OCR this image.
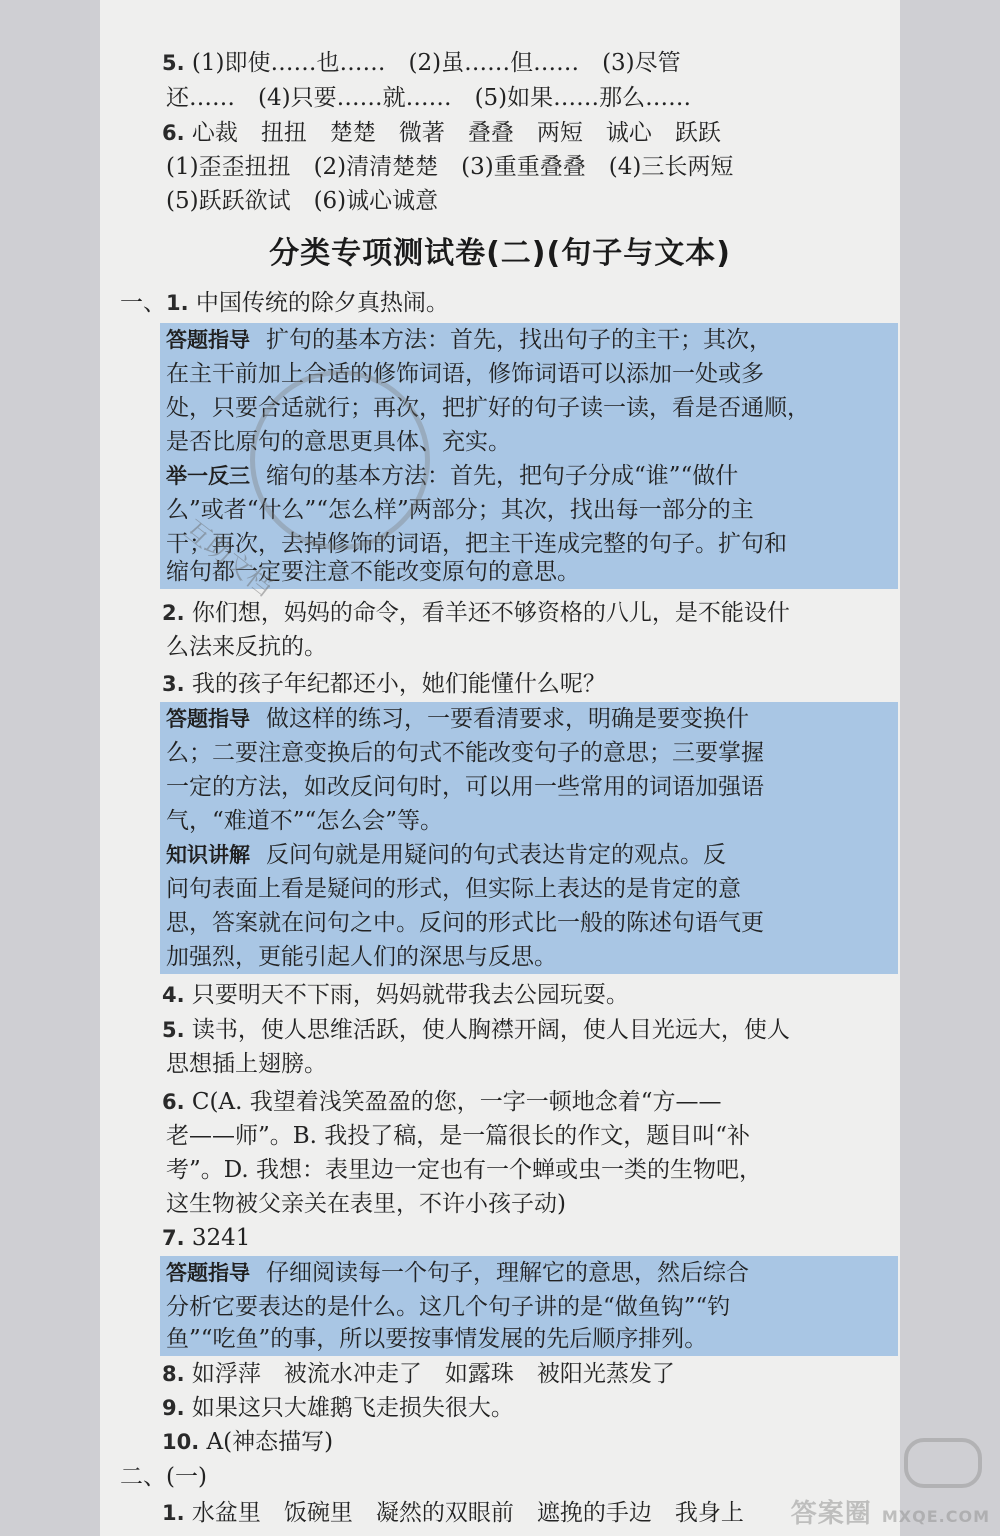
5. (1)即使……也……　(2)虽……但……　(3)尽管
还……　(4)只要……就……　(5)如果……那么……
6. 心裁　扭扭　楚楚　微著　叠叠　两短　诚心　跃跃
(1)歪歪扭扭　(2)清清楚楚　(3)重重叠叠　(4)三长两短
(5)跃跃欲试　(6)诚心诚意
分类专项测试卷(二)(句子与文本)
一、1. 中国传统的除夕真热闹。
答题指导 扩句的基本方法：首先，找出句子的主干；其次，
在主干前加上合适的修饰词语，修饰词语可以添加一处或多
处，只要合适就行；再次，把扩好的句子读一读，看是否通顺，
是否比原句的意思更具体、充实。
举一反三 缩句的基本方法：首先，把句子分成“谁”“做什
么”或者“什么”“怎么样”两部分；其次，找出每一部分的主
干；再次，去掉修饰的词语，把主干连成完整的句子。扩句和
缩句都一定要注意不能改变原句的意思。
互助文档
2. 你们想，妈妈的命令，看羊还不够资格的八儿，是不能设什
么法来反抗的。
3. 我的孩子年纪都还小，她们能懂什么呢？
答题指导 做这样的练习，一要看清要求，明确是要变换什
么；二要注意变换后的句式不能改变句子的意思；三要掌握
一定的方法，如改反问句时，可以用一些常用的词语加强语
气，“难道不”“怎么会”等。
知识讲解 反问句就是用疑问的句式表达肯定的观点。反
问句表面上看是疑问的形式，但实际上表达的是肯定的意
思，答案就在问句之中。反问的形式比一般的陈述句语气更
加强烈，更能引起人们的深思与反思。
4. 只要明天不下雨，妈妈就带我去公园玩耍。
5. 读书，使人思维活跃，使人胸襟开阔，使人目光远大，使人
思想插上翅膀。
6. C(A. 我望着浅笑盈盈的您，一字一顿地念着“方——
老——师”。B. 我投了稿，是一篇很长的作文，题目叫“补
考”。D. 我想：表里边一定也有一个蝉或虫一类的生物吧，
这生物被父亲关在表里，不许小孩子动)
7. 3241
答题指导 仔细阅读每一个句子，理解它的意思，然后综合
分析它要表达的是什么。这几个句子讲的是“做鱼钩”“钓
鱼”“吃鱼”的事，所以要按事情发展的先后顺序排列。
8. 如浮萍　被流水冲走了　如露珠　被阳光蒸发了
9. 如果这只大雄鹅飞走损失很大。
10. A(神态描写)
二、(一)
1. 水盆里　饭碗里　凝然的双眼前　遮挽的手边　我身上 答案圈 MXQE.COM
